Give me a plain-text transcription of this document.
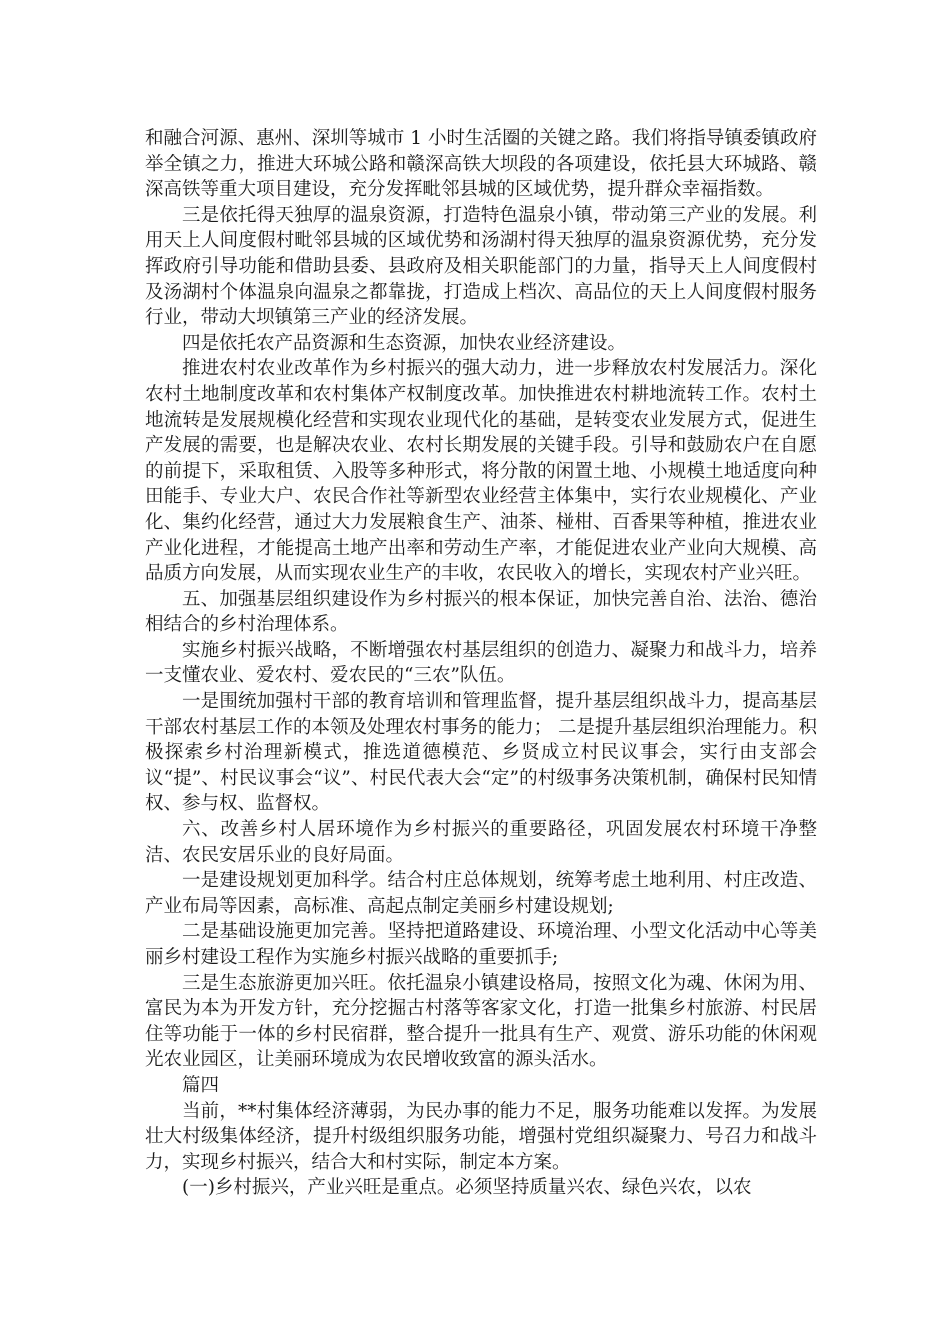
和融合河源、惠州、深圳等城市 1 小时生活圈的关键之路。我们将指导镇委镇政府举全镇之力，推进大环城公路和赣深高铁大坝段的各项建设，依托县大环城路、赣深高铁等重大项目建设，充分发挥毗邻县城的区域优势，提升群众幸福指数。

三是依托得天独厚的温泉资源，打造特色温泉小镇，带动第三产业的发展。利用天上人间度假村毗邻县城的区域优势和汤湖村得天独厚的温泉资源优势，充分发挥政府引导功能和借助县委、县政府及相关职能部门的力量，指导天上人间度假村及汤湖村个体温泉向温泉之都靠拢，打造成上档次、高品位的天上人间度假村服务行业，带动大坝镇第三产业的经济发展。

四是依托农产品资源和生态资源，加快农业经济建设。

推进农村农业改革作为乡村振兴的强大动力，进一步释放农村发展活力。深化农村土地制度改革和农村集体产权制度改革。加快推进农村耕地流转工作。农村土地流转是发展规模化经营和实现农业现代化的基础，是转变农业发展方式，促进生产发展的需要，也是解决农业、农村长期发展的关键手段。引导和鼓励农户在自愿的前提下，采取租赁、入股等多种形式，将分散的闲置土地、小规模土地适度向种田能手、专业大户、农民合作社等新型农业经营主体集中，实行农业规模化、产业化、集约化经营，通过大力发展粮食生产、油茶、椪柑、百香果等种植，推进农业产业化进程，才能提高土地产出率和劳动生产率，才能促进农业产业向大规模、高品质方向发展，从而实现农业生产的丰收，农民收入的增长，实现农村产业兴旺。

五、加强基层组织建设作为乡村振兴的根本保证，加快完善自治、法治、德治相结合的乡村治理体系。

实施乡村振兴战略，不断增强农村基层组织的创造力、凝聚力和战斗力，培养一支懂农业、爱农村、爱农民的“三农”队伍。

一是围统加强村干部的教育培训和管理监督，提升基层组织战斗力，提高基层干部农村基层工作的本领及处理农村事务的能力； 二是提升基层组织治理能力。积极探索乡村治理新模式，推选道德模范、乡贤成立村民议事会，实行由支部会议“提”、村民议事会“议”、村民代表大会“定”的村级事务决策机制，确保村民知情权、参与权、监督权。

六、改善乡村人居环境作为乡村振兴的重要路径，巩固发展农村环境干净整洁、农民安居乐业的良好局面。

一是建设规划更加科学。结合村庄总体规划，统筹考虑土地利用、村庄改造、产业布局等因素，高标准、高起点制定美丽乡村建设规划;

二是基础设施更加完善。坚持把道路建设、环境治理、小型文化活动中心等美丽乡村建设工程作为实施乡村振兴战略的重要抓手;

三是生态旅游更加兴旺。依托温泉小镇建设格局，按照文化为魂、休闲为用、富民为本为开发方针，充分挖掘古村落等客家文化，打造一批集乡村旅游、村民居住等功能于一体的乡村民宿群，整合提升一批具有生产、观赏、游乐功能的休闲观光农业园区，让美丽环境成为农民增收致富的源头活水。

篇四

当前，**村集体经济薄弱，为民办事的能力不足，服务功能难以发挥。为发展壮大村级集体经济，提升村级组织服务功能，增强村党组织凝聚力、号召力和战斗力，实现乡村振兴，结合大和村实际，制定本方案。

(一)乡村振兴，产业兴旺是重点。必须坚持质量兴农、绿色兴农，以农
